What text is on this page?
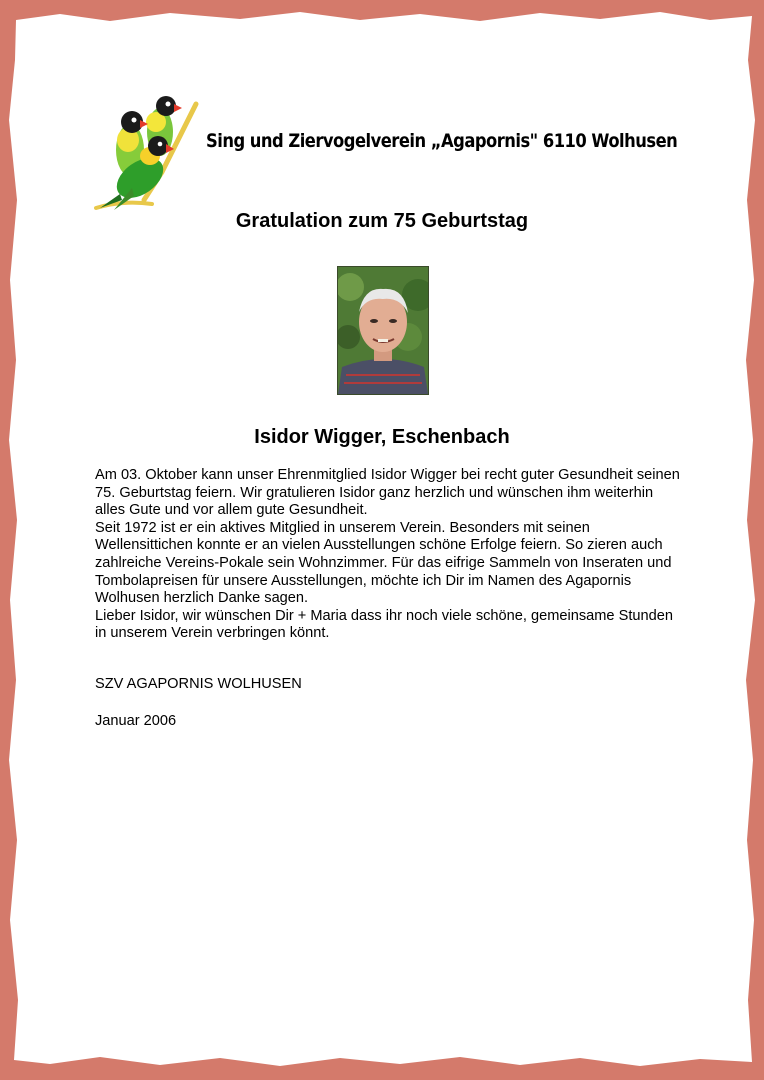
Sing und Ziervogelverein „Agapornis" 6110 Wolhusen
Gratulation zum 75 Geburtstag
Isidor Wigger, Eschenbach

Am 03. Oktober kann unser Ehrenmitglied Isidor Wigger bei recht guter Gesundheit seinen 75. Geburtstag feiern. Wir gratulieren Isidor ganz herzlich und wünschen ihm weiterhin alles Gute und vor allem gute Gesundheit.

Seit 1972 ist er ein aktives Mitglied in unserem Verein. Besonders mit seinen Wellensittichen konnte er an vielen Ausstellungen schöne Erfolge feiern. So zieren auch zahlreiche Vereins-Pokale sein Wohnzimmer. Für das eifrige Sammeln von Inseraten und Tombolapreisen für unsere Ausstellungen, möchte ich Dir im Namen des Agapornis Wolhusen herzlich Danke sagen.

Lieber Isidor, wir wünschen Dir + Maria dass ihr noch viele schöne, gemeinsame Stunden in unserem Verein verbringen könnt.

SZV AGAPORNIS WOLHUSEN
Januar 2006
